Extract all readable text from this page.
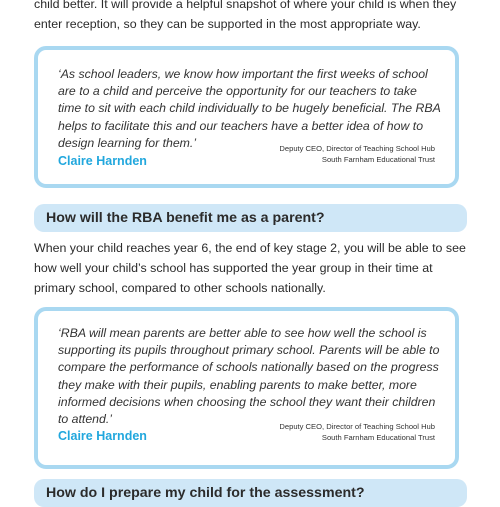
child better. It will provide a helpful snapshot of where your child is when they enter reception, so they can be supported in the most appropriate way.

‘As school leaders, we know how important the first weeks of school are to a child and perceive the opportunity for our teachers to take time to sit with each child individually to be hugely beneficial. The RBA helps to facilitate this and our teachers have a better idea of how to design learning for them.’

Claire Harnden
Deputy CEO, Director of Teaching School Hub
South Farnham Educational Trust
How will the RBA benefit me as a parent?

When your child reaches year 6, the end of key stage 2, you will be able to see how well your child’s school has supported the year group in their time at primary school, compared to other schools nationally.

‘RBA will mean parents are better able to see how well the school is supporting its pupils throughout primary school. Parents will be able to compare the performance of schools nationally based on the progress they make with their pupils, enabling parents to make better, more informed decisions when choosing the school they want their children to attend.’

Claire Harnden
Deputy CEO, Director of Teaching School Hub
South Farnham Educational Trust
How do I prepare my child for the assessment?
